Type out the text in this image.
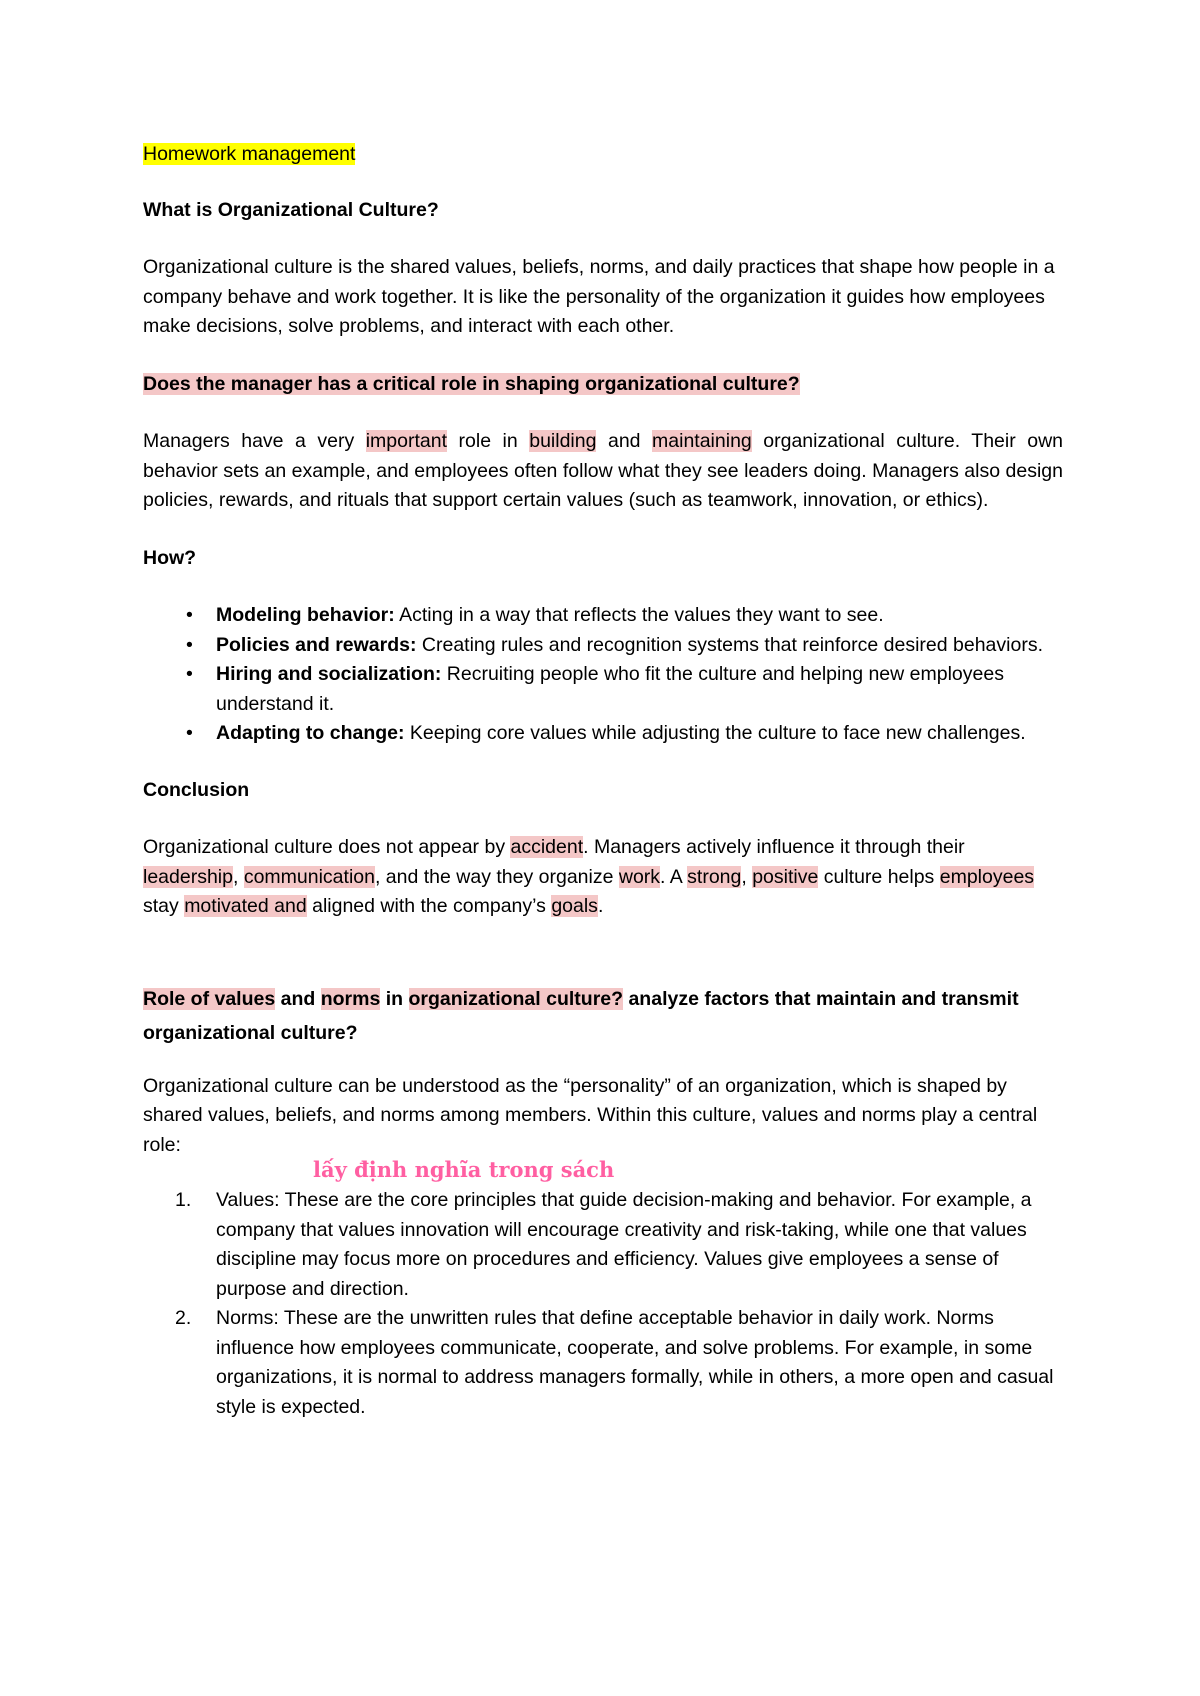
Homework management

What is Organizational Culture?

Organizational culture is the shared values, beliefs, norms, and daily practices that shape how people in a company behave and work together. It is like the personality of the organization it guides how employees make decisions, solve problems, and interact with each other.

Does the manager has a critical role in shaping organizational culture?

Managers have a very important role in building and maintaining organizational culture. Their own behavior sets an example, and employees often follow what they see leaders doing. Managers also design policies, rewards, and rituals that support certain values (such as teamwork, innovation, or ethics).

How?

• Modeling behavior: Acting in a way that reflects the values they want to see.
• Policies and rewards: Creating rules and recognition systems that reinforce desired behaviors.
• Hiring and socialization: Recruiting people who fit the culture and helping new employees understand it.
• Adapting to change: Keeping core values while adjusting the culture to face new challenges.

Conclusion

Organizational culture does not appear by accident. Managers actively influence it through their leadership, communication, and the way they organize work. A strong, positive culture helps employees stay motivated and aligned with the company’s goals.

Role of values and norms in organizational culture? analyze factors that maintain and transmit organizational culture?

Organizational culture can be understood as the “personality” of an organization, which is shaped by shared values, beliefs, and norms among members. Within this culture, values and norms play a central role:

lấy định nghĩa trong sách

1. Values: These are the core principles that guide decision-making and behavior. For example, a company that values innovation will encourage creativity and risk-taking, while one that values discipline may focus more on procedures and efficiency. Values give employees a sense of purpose and direction.
2. Norms: These are the unwritten rules that define acceptable behavior in daily work. Norms influence how employees communicate, cooperate, and solve problems. For example, in some organizations, it is normal to address managers formally, while in others, a more open and casual style is expected.
